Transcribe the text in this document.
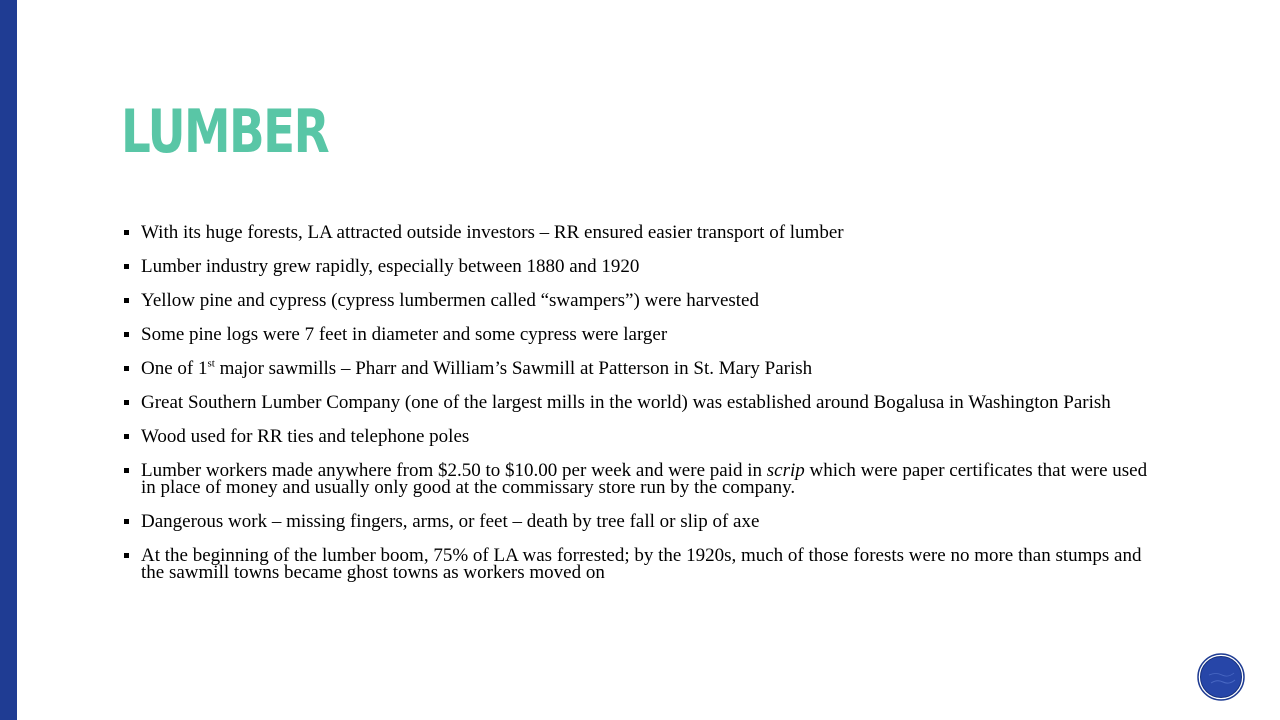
LUMBER
With its huge forests, LA attracted outside investors – RR ensured easier transport of lumber
Lumber industry grew rapidly, especially between 1880 and 1920
Yellow pine and cypress (cypress lumbermen called “swampers”) were harvested
Some pine logs were 7 feet in diameter and some cypress were larger
One of 1st major sawmills – Pharr and William’s Sawmill at Patterson in St. Mary Parish
Great Southern Lumber Company (one of the largest mills in the world) was established around Bogalusa in Washington Parish
Wood used for RR ties and telephone poles
Lumber workers made anywhere from $2.50 to $10.00 per week and were paid in scrip which were paper certificates that were used in place of money and usually only good at the commissary store run by the company.
Dangerous work – missing fingers, arms, or feet – death by tree fall or slip of axe
At the beginning of the lumber boom, 75% of LA was forrested; by the 1920s, much of those forests were no more than stumps and the sawmill towns became ghost towns as workers moved on
